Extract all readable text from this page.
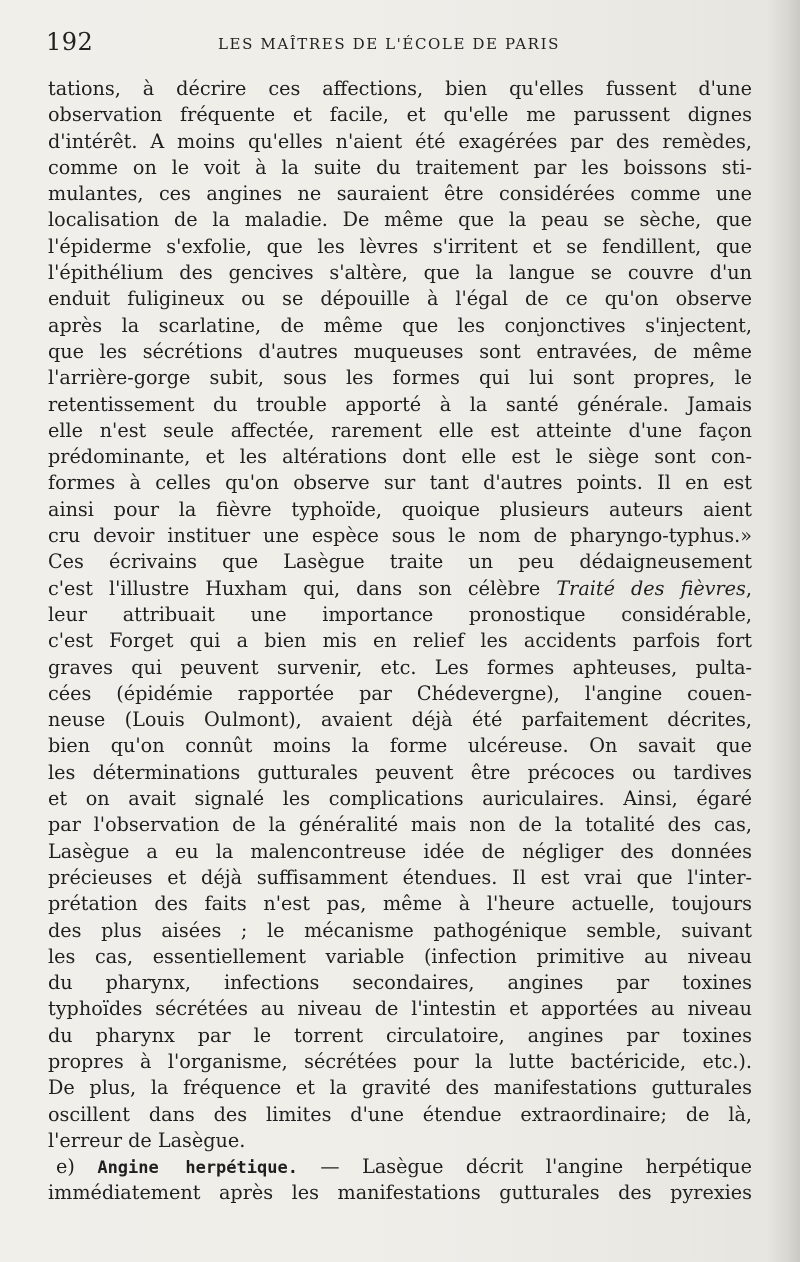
192	LES MAÎTRES DE L'ÉCOLE DE PARIS
tations, à décrire ces affections, bien qu'elles fussent d'une
observation fréquente et facile, et qu'elle me parussent dignes
d'intérêt. A moins qu'elles n'aient été exagérées par des remèdes,
comme on le voit à la suite du traitement par les boissons sti-
mulantes, ces angines ne sauraient être considérées comme une
localisation de la maladie. De même que la peau se sèche, que
l'épiderme s'exfolie, que les lèvres s'irritent et se fendillent, que
l'épithélium des gencives s'altère, que la langue se couvre d'un
enduit fuligineux ou se dépouille à l'égal de ce qu'on observe
après la scarlatine, de même que les conjonctives s'injectent,
que les sécrétions d'autres muqueuses sont entravées, de même
l'arrière-gorge subit, sous les formes qui lui sont propres, le
retentissement du trouble apporté à la santé générale. Jamais
elle n'est seule affectée, rarement elle est atteinte d'une façon
prédominante, et les altérations dont elle est le siège sont con-
formes à celles qu'on observe sur tant d'autres points. Il en est
ainsi pour la fièvre typhoïde, quoique plusieurs auteurs aient
cru devoir instituer une espèce sous le nom de pharyngo-typhus.»
Ces écrivains que Lasègue traite un peu dédaigneusement
c'est l'illustre Huxham qui, dans son célèbre Traité des fièvres,
leur attribuait une importance pronostique considérable,
c'est Forget qui a bien mis en relief les accidents parfois fort
graves qui peuvent survenir, etc. Les formes aphteuses, pulta-
cées (épidémie rapportée par Chédevergne), l'angine couen-
neuse (Louis Oulmont), avaient déjà été parfaitement décrites,
bien qu'on connût moins la forme ulcéreuse. On savait que
les déterminations gutturales peuvent être précoces ou tardives
et on avait signalé les complications auriculaires. Ainsi, égaré
par l'observation de la généralité mais non de la totalité des cas,
Lasègue a eu la malencontreuse idée de négliger des données
précieuses et déjà suffisamment étendues. Il est vrai que l'inter-
prétation des faits n'est pas, même à l'heure actuelle, toujours
des plus aisées ; le mécanisme pathogénique semble, suivant
les cas, essentiellement variable (infection primitive au niveau
du pharynx, infections secondaires, angines par toxines
typhoïdes sécrétées au niveau de l'intestin et apportées au niveau
du pharynx par le torrent circulatoire, angines par toxines
propres à l'organisme, sécrétées pour la lutte bactéricide, etc.).
De plus, la fréquence et la gravité des manifestations gutturales
oscillent dans des limites d'une étendue extraordinaire; de là,
l'erreur de Lasègue.
e) Angine herpétique. — Lasègue décrit l'angine herpétique
immédiatement après les manifestations gutturales des pyrexies
